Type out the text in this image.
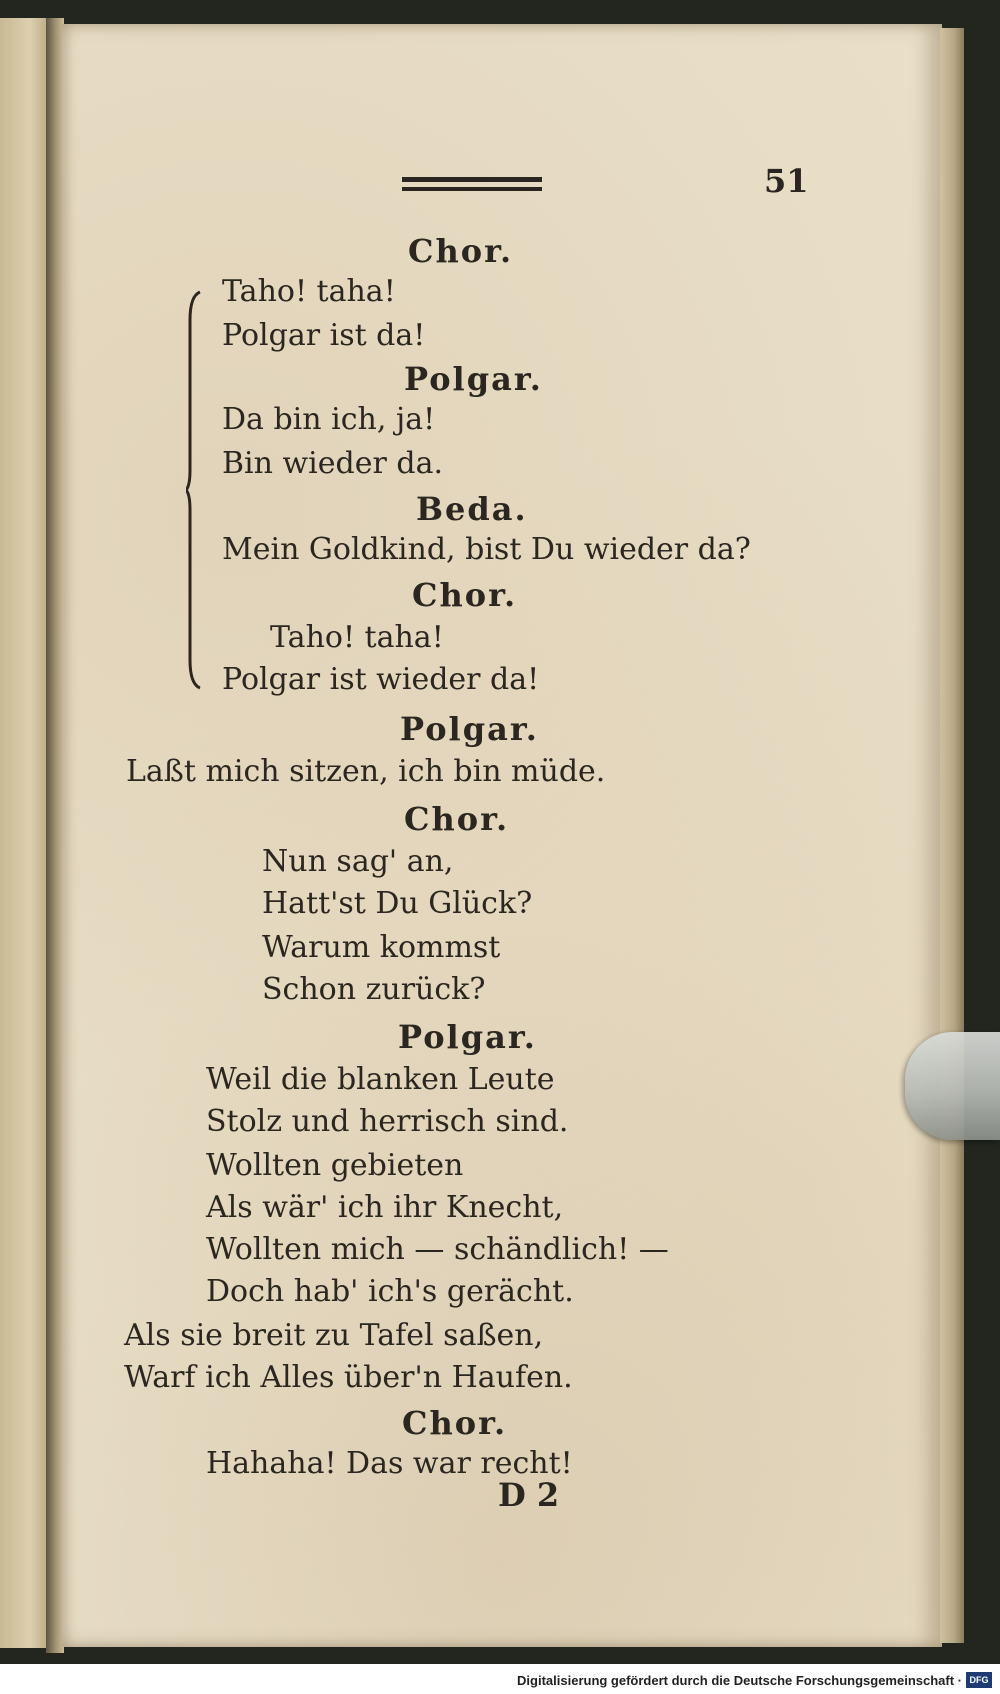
51
Chor.
Taho! taha!
Polgar ist da!
Polgar.
Da bin ich, ja!
Bin wieder da.
Beda.
Mein Goldkind, bist Du wieder da?
Chor.
Taho! taha!
Polgar ist wieder da!
Polgar.
Laßt mich sitzen, ich bin müde.
Chor.
Nun sag' an,
Hatt'st Du Glück?
Warum kommst
Schon zurück?
Polgar.
Weil die blanken Leute
Stolz und herrisch sind.
Wollten gebieten
Als wär' ich ihr Knecht,
Wollten mich — schändlich! —
Doch hab' ich's gerächt.
Als sie breit zu Tafel saßen,
Warf ich Alles über'n Haufen.
Chor.
Hahaha! Das war recht!
D 2
Digitalisierung gefördert durch die Deutsche Forschungsgemeinschaft · DFG
